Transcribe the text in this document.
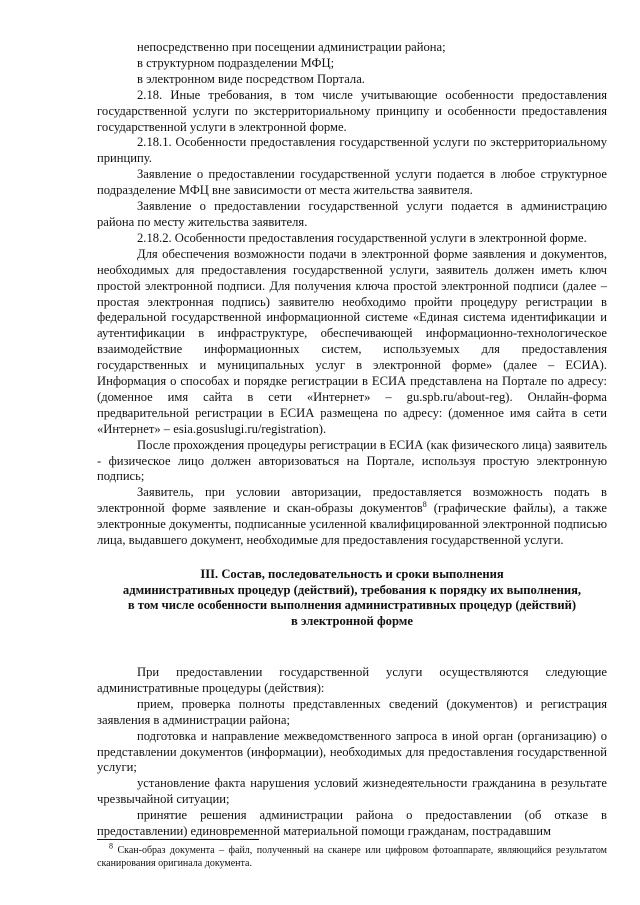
непосредственно при посещении администрации района;

в структурном подразделении МФЦ;

в электронном виде посредством Портала.

2.18. Иные требования, в том числе учитывающие особенности предоставления государственной услуги по экстерриториальному принципу и особенности предоставления государственной услуги в электронной форме.

2.18.1. Особенности предоставления государственной услуги по экстерриториальному принципу.

Заявление о предоставлении государственной услуги подается в любое структурное подразделение МФЦ вне зависимости от места жительства заявителя.

Заявление о предоставлении государственной услуги подается в администрацию района по месту жительства заявителя.

2.18.2. Особенности предоставления государственной услуги в электронной форме.

Для обеспечения возможности подачи в электронной форме заявления и документов, необходимых для предоставления государственной услуги, заявитель должен иметь ключ простой электронной подписи. Для получения ключа простой электронной подписи (далее – простая электронная подпись) заявителю необходимо пройти процедуру регистрации в федеральной государственной информационной системе «Единая система идентификации и аутентификации в инфраструктуре, обеспечивающей информационно-технологическое взаимодействие информационных систем, используемых для предоставления государственных и муниципальных услуг в электронной форме» (далее – ЕСИА). Информация о способах и порядке регистрации в ЕСИА представлена на Портале по адресу: (доменное имя сайта в сети «Интернет» – gu.spb.ru/about-reg). Онлайн-форма предварительной регистрации в ЕСИА размещена по адресу: (доменное имя сайта в сети «Интернет» – esia.gosuslugi.ru/registration).

После прохождения процедуры регистрации в ЕСИА (как физического лица) заявитель - физическое лицо должен авторизоваться на Портале, используя простую электронную подпись;

Заявитель, при условии авторизации, предоставляется возможность подать в электронной форме заявление и скан-образы документов$^8$ (графические файлы), а также электронные документы, подписанные усиленной квалифицированной электронной подписью лица, выдавшего документ, необходимые для предоставления государственной услуги.

III. Состав, последовательность и сроки выполнения
административных процедур (действий), требования к порядку их выполнения,
в том числе особенности выполнения административных процедур (действий)
в электронной форме

При предоставлении государственной услуги осуществляются следующие административные процедуры (действия):

прием, проверка полноты представленных сведений (документов) и регистрация заявления в администрации района;

подготовка и направление межведомственного запроса в иной орган (организацию) о представлении документов (информации), необходимых для предоставления государственной услуги;

установление факта нарушения условий жизнедеятельности гражданина в результате чрезвычайной ситуации;

принятие решения администрации района о предоставлении (об отказе в предоставлении) единовременной материальной помощи гражданам, пострадавшим

$^8$ Скан-образ документа – файл, полученный на сканере или цифровом фотоаппарате, являющийся результатом сканирования оригинала документа.
